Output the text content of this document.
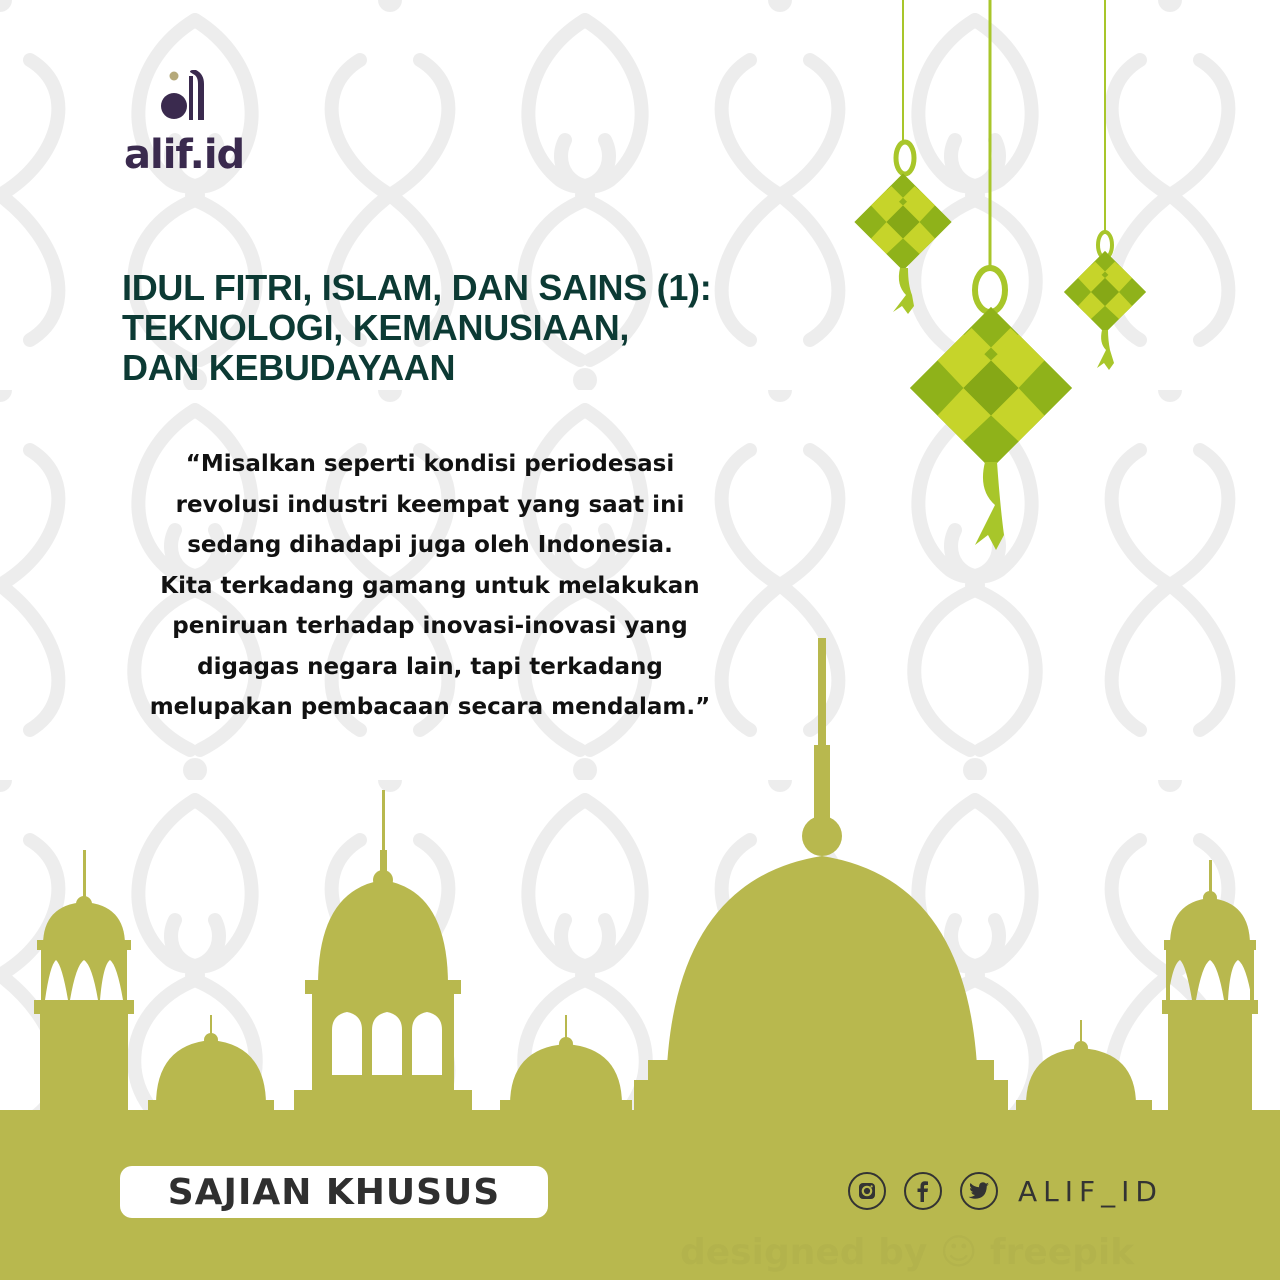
alif.id
IDUL FITRI, ISLAM, DAN SAINS (1):
TEKNOLOGI, KEMANUSIAAN,
DAN KEBUDAYAAN
“Misalkan seperti kondisi periodesasi
revolusi industri keempat yang saat ini
sedang dihadapi juga oleh Indonesia.
Kita terkadang gamang untuk melakukan
peniruan terhadap inovasi-inovasi yang
digagas negara lain, tapi terkadang
melupakan pembacaan secara mendalam.”
SAJIAN KHUSUS	ALIF_ID
designed by ☺ freepik
